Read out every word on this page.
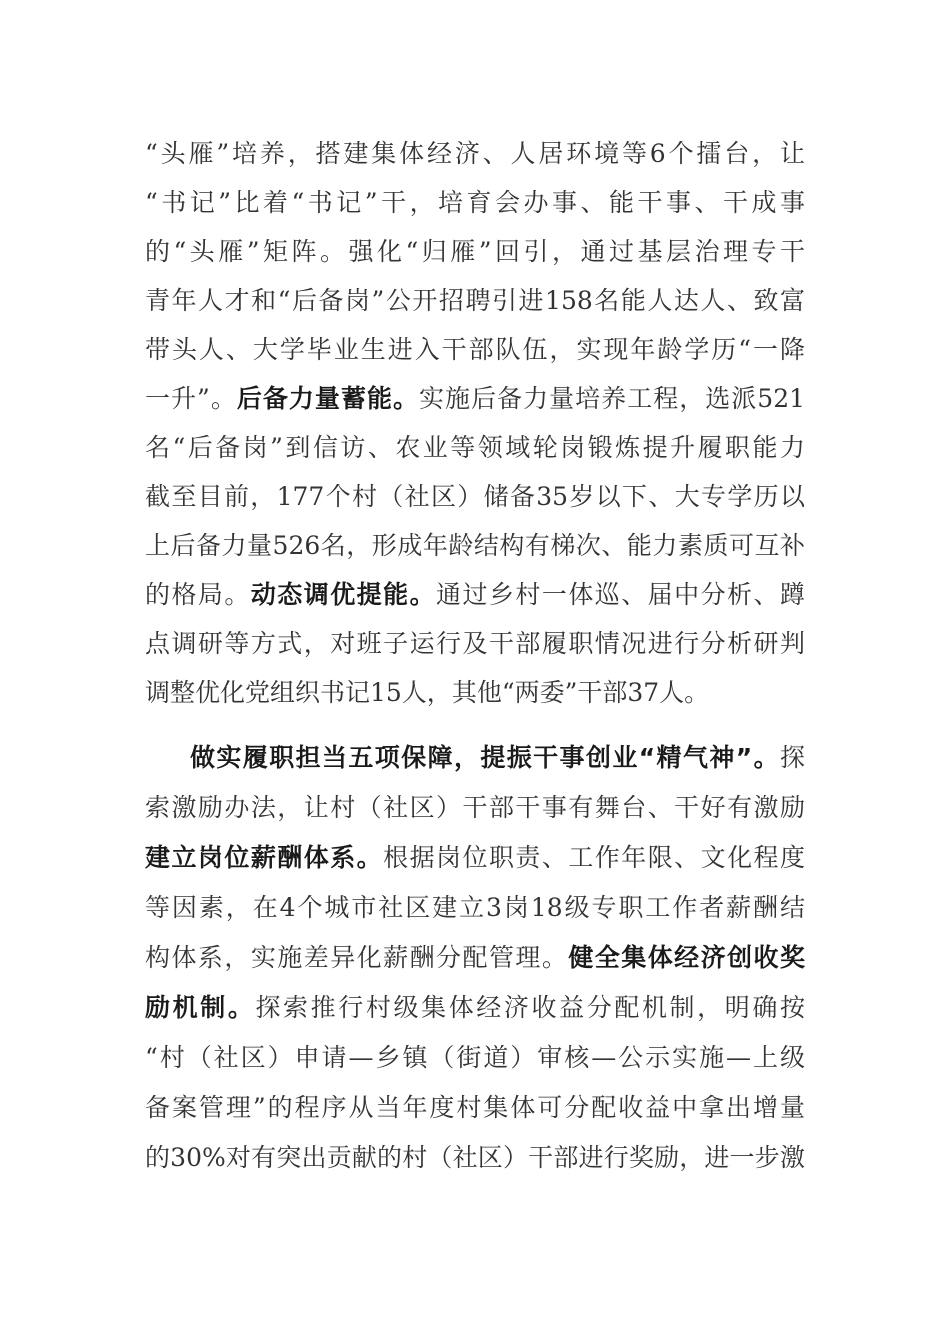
“头雁”培养，搭建集体经济、人居环境等6个擂台，让
“书记”比着“书记”干，培育会办事、能干事、干成事
的“头雁”矩阵。强化“归雁”回引，通过基层治理专干
青年人才和“后备岗”公开招聘引进158名能人达人、致富
带头人、大学毕业生进入干部队伍，实现年龄学历“一降
一升”。后备力量蓄能。实施后备力量培养工程，选派521
名“后备岗”到信访、农业等领域轮岗锻炼提升履职能力
截至目前，177个村（社区）储备35岁以下、大专学历以
上后备力量526名，形成年龄结构有梯次、能力素质可互补
的格局。动态调优提能。通过乡村一体巡、届中分析、蹲
点调研等方式，对班子运行及干部履职情况进行分析研判
调整优化党组织书记15人，其他“两委”干部37人。
做实履职担当五项保障，提振干事创业“精气神”。探
索激励办法，让村（社区）干部干事有舞台、干好有激励
建立岗位薪酬体系。根据岗位职责、工作年限、文化程度
等因素，在4个城市社区建立3岗18级专职工作者薪酬结
构体系，实施差异化薪酬分配管理。健全集体经济创收奖
励机制。探索推行村级集体经济收益分配机制，明确按
“村（社区）申请—乡镇（街道）审核—公示实施—上级
备案管理”的程序从当年度村集体可分配收益中拿出增量
的30%对有突出贡献的村（社区）干部进行奖励，进一步激
